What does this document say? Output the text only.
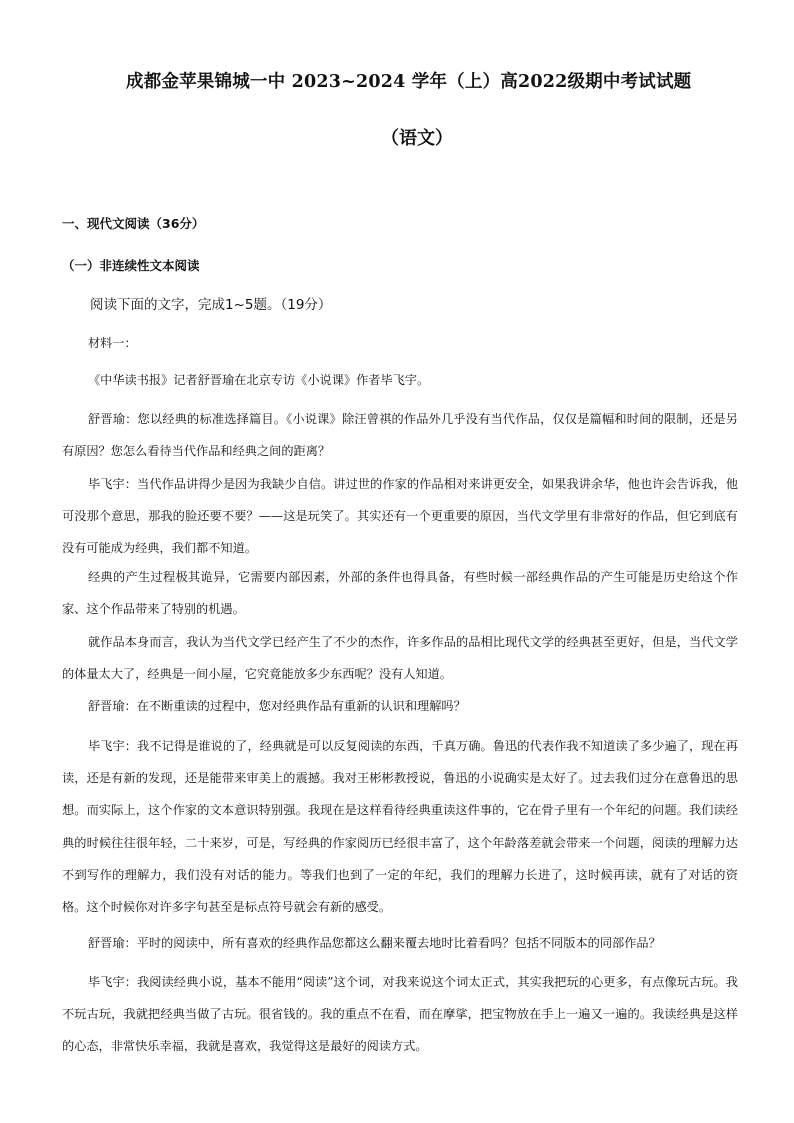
成都金苹果锦城一中 2023~2024 学年（上）高2022级期中考试试题
（语文）
一、现代文阅读（36分）
（一）非连续性文本阅读
阅读下面的文字，完成1~5题。（19分）
材料一：
《中华读书报》记者舒晋瑜在北京专访《小说课》作者毕飞宇。
舒晋瑜：您以经典的标准选择篇目。《小说课》除汪曾祺的作品外几乎没有当代作品，仅仅是篇幅和时间的限制，还是另有原因？您怎么看待当代作品和经典之间的距离？
毕飞宇：当代作品讲得少是因为我缺少自信。讲过世的作家的作品相对来讲更安全，如果我讲余华，他也许会告诉我，他可没那个意思，那我的脸还要不要？——这是玩笑了。其实还有一个更重要的原因，当代文学里有非常好的作品，但它到底有没有可能成为经典，我们都不知道。
经典的产生过程极其诡异，它需要内部因素，外部的条件也得具备，有些时候一部经典作品的产生可能是历史给这个作家、这个作品带来了特别的机遇。
就作品本身而言，我认为当代文学已经产生了不少的杰作，许多作品的品相比现代文学的经典甚至更好，但是，当代文学的体量太大了，经典是一间小屋，它究竟能放多少东西呢？没有人知道。
舒晋瑜：在不断重读的过程中，您对经典作品有重新的认识和理解吗？
毕飞宇：我不记得是谁说的了，经典就是可以反复阅读的东西，千真万确。鲁迅的代表作我不知道读了多少遍了，现在再读，还是有新的发现，还是能带来审美上的震撼。我对王彬彬教授说，鲁迅的小说确实是太好了。过去我们过分在意鲁迅的思想。而实际上，这个作家的文本意识特别强。我现在是这样看待经典重读这件事的，它在骨子里有一个年纪的问题。我们读经典的时候往往很年轻，二十来岁，可是，写经典的作家阅历已经很丰富了，这个年龄落差就会带来一个问题，阅读的理解力达不到写作的理解力，我们没有对话的能力。等我们也到了一定的年纪，我们的理解力长进了，这时候再读，就有了对话的资格。这个时候你对许多字句甚至是标点符号就会有新的感受。
舒晋瑜：平时的阅读中，所有喜欢的经典作品您都这么翻来覆去地时比着看吗？包括不同版本的同部作品？
毕飞宇：我阅读经典小说，基本不能用“阅读”这个词，对我来说这个词太正式，其实我把玩的心更多，有点像玩古玩。我不玩古玩，我就把经典当做了古玩。很省钱的。我的重点不在看，而在摩挲，把宝物放在手上一遍又一遍的。我读经典是这样的心态，非常快乐幸福，我就是喜欢，我觉得这是最好的阅读方式。
